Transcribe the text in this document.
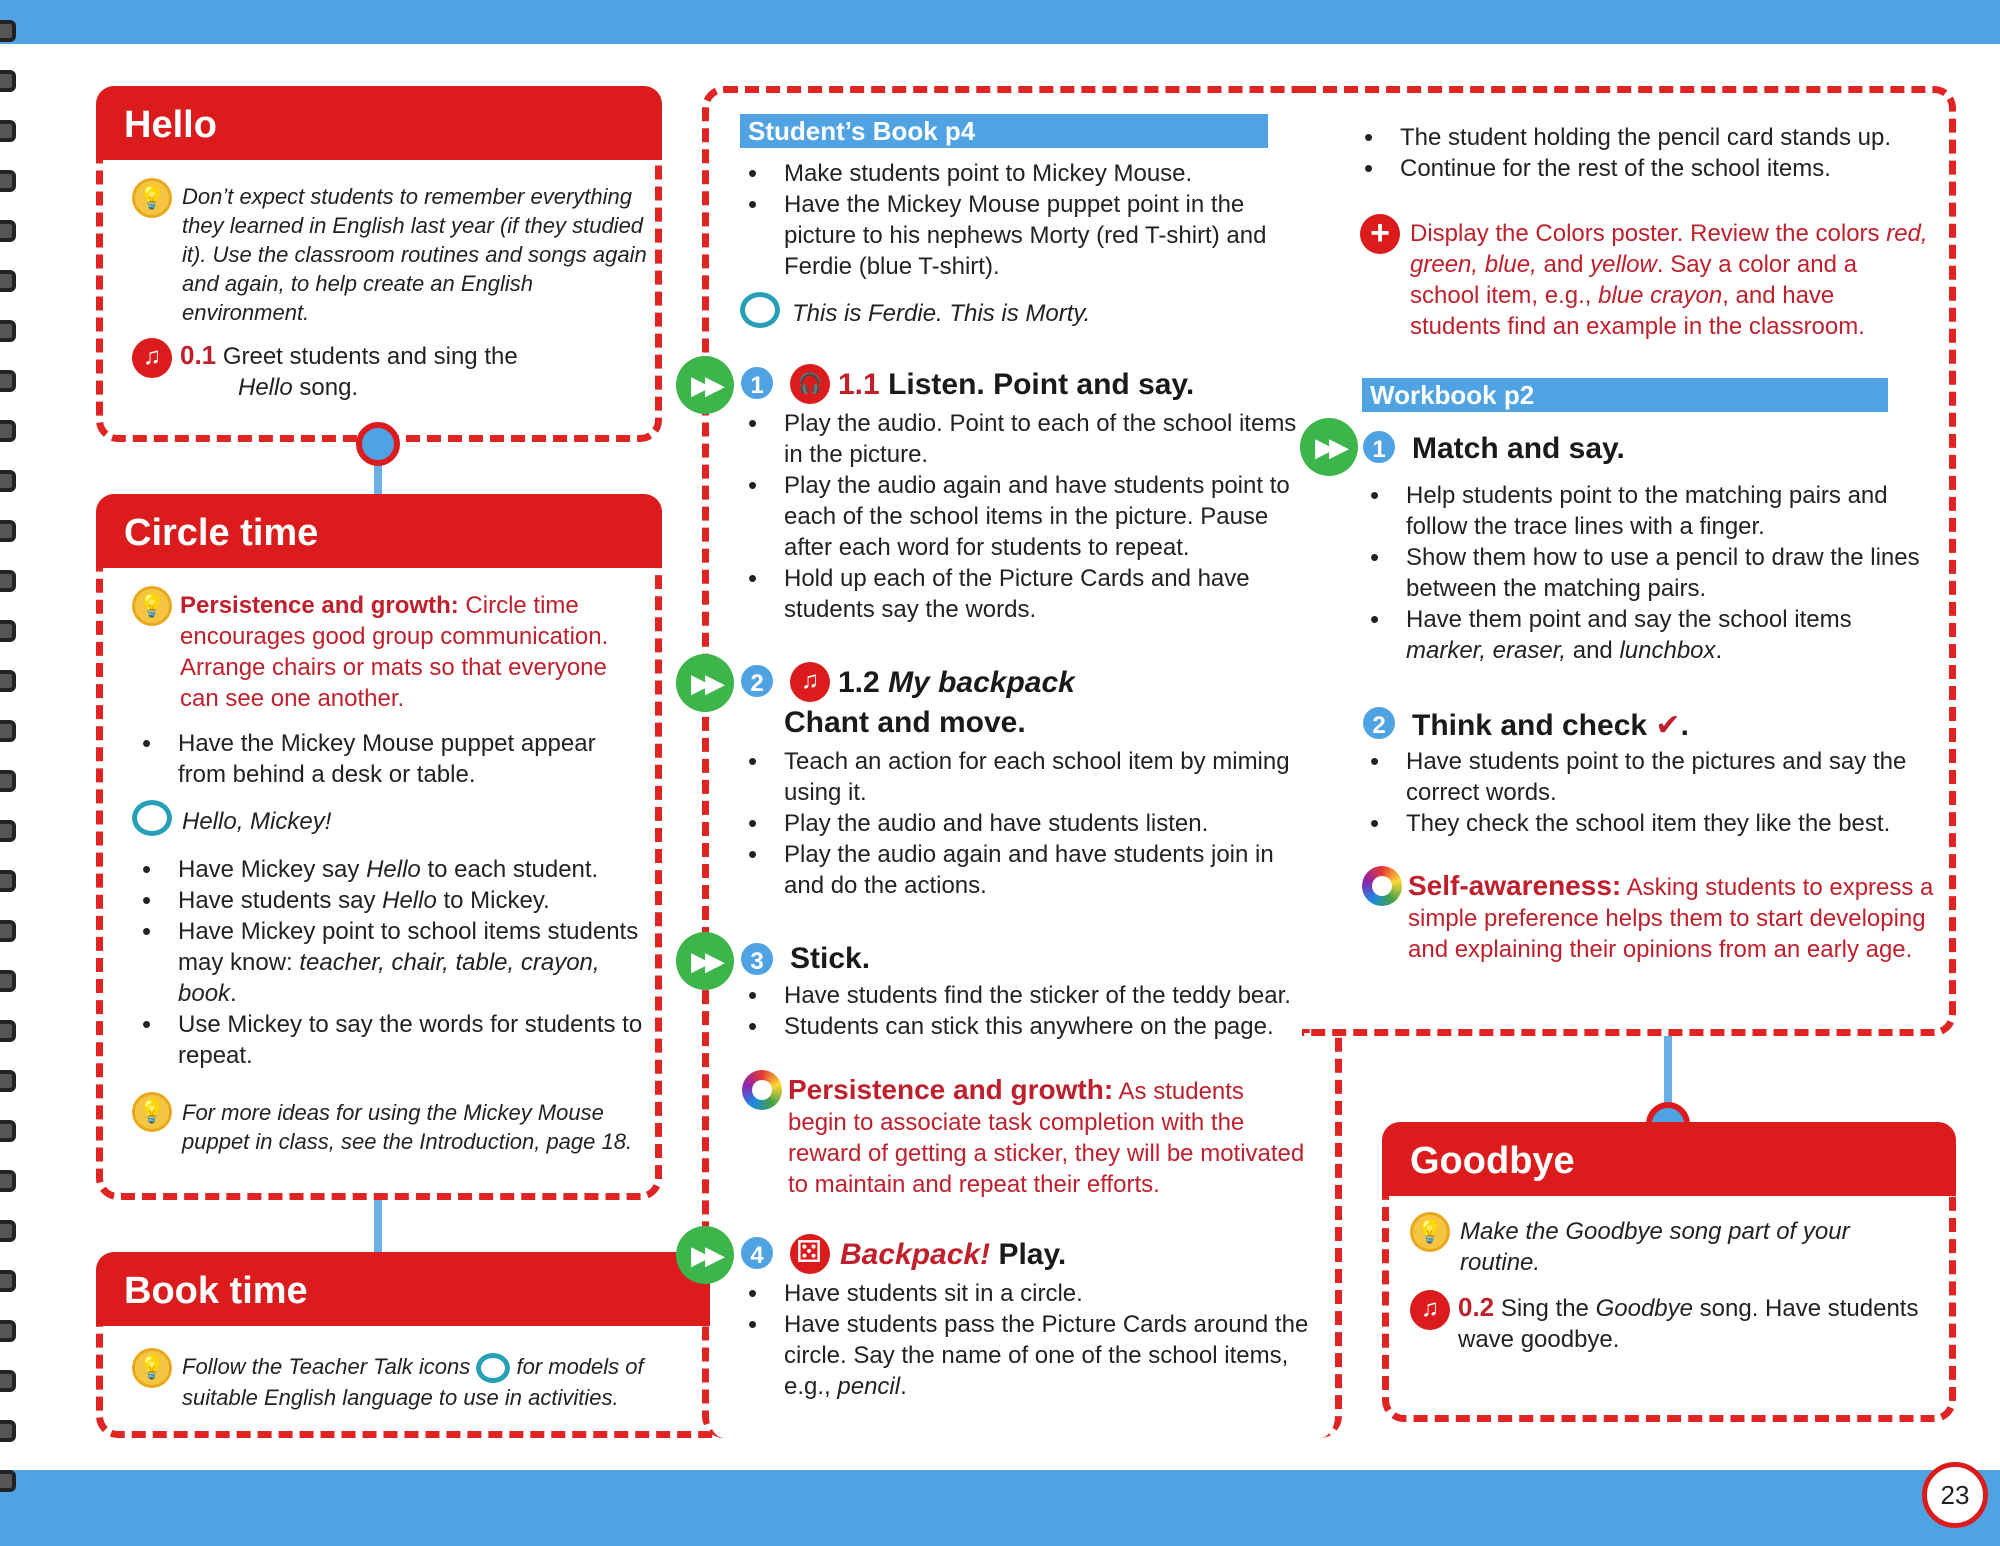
Hello
💡 Don’t expect students to remember everything they learned in English last year (if they studied it). Use the classroom routines and songs again and again, to help create an English environment.
♫ 0.1 Greet students and sing the
Hello song.
Circle time
💡 Persistence and growth: Circle time encourages good group communication. Arrange chairs or mats so that everyone can see one another.
• Have the Mickey Mouse puppet appear from behind a desk or table.
Hello, Mickey!
• Have Mickey say Hello to each student.
• Have students say Hello to Mickey.
• Have Mickey point to school items students may know: teacher, chair, table, crayon, book.
• Use Mickey to say the words for students to repeat.
💡 For more ideas for using the Mickey Mouse puppet in class, see the Introduction, page 18.
Book time
💡 Follow the Teacher Talk icons for models of suitable English language to use in activities.
Student’s Book p4
• Make students point to Mickey Mouse.
• Have the Mickey Mouse puppet point in the picture to his nephews Morty (red T-shirt) and Ferdie (blue T-shirt).
This is Ferdie. This is Morty.
▶▶	1	🎧 1.1 Listen. Point and say.
• Play the audio. Point to each of the school items in the picture.
• Play the audio again and have students point to each of the school items in the picture. Pause after each word for students to repeat.
• Hold up each of the Picture Cards and have students say the words.
▶▶	2	♫ 1.2 My backpack
Chant and move.
• Teach an action for each school item by miming using it.
• Play the audio and have students listen.
• Play the audio again and have students join in and do the actions.
▶▶	3 Stick.
• Have students find the sticker of the teddy bear.
• Students can stick this anywhere on the page.
Persistence and growth: As students begin to associate task completion with the reward of getting a sticker, they will be motivated to maintain and repeat their efforts.
▶▶	4
⚄	Backpack! Play.
• Have students sit in a circle.
• Have students pass the Picture Cards around the circle. Say the name of one of the school items, e.g., pencil.
• The student holding the pencil card stands up.
• Continue for the rest of the school items.
+ Display the Colors poster. Review the colors red, green, blue, and yellow. Say a color and a school item, e.g., blue crayon, and have students find an example in the classroom.
Workbook p2
▶▶	1 Match and say.
• Help students point to the matching pairs and follow the trace lines with a finger.
• Show them how to use a pencil to draw the lines between the matching pairs.
• Have them point and say the school items marker, eraser, and lunchbox.
2 Think and check ✔.
• Have students point to the pictures and say the correct words.
• They check the school item they like the best.
Self-awareness: Asking students to express a simple preference helps them to start developing and explaining their opinions from an early age.
Goodbye
💡 Make the Goodbye song part of your routine.
♫ 0.2 Sing the Goodbye song. Have students wave goodbye.
23
